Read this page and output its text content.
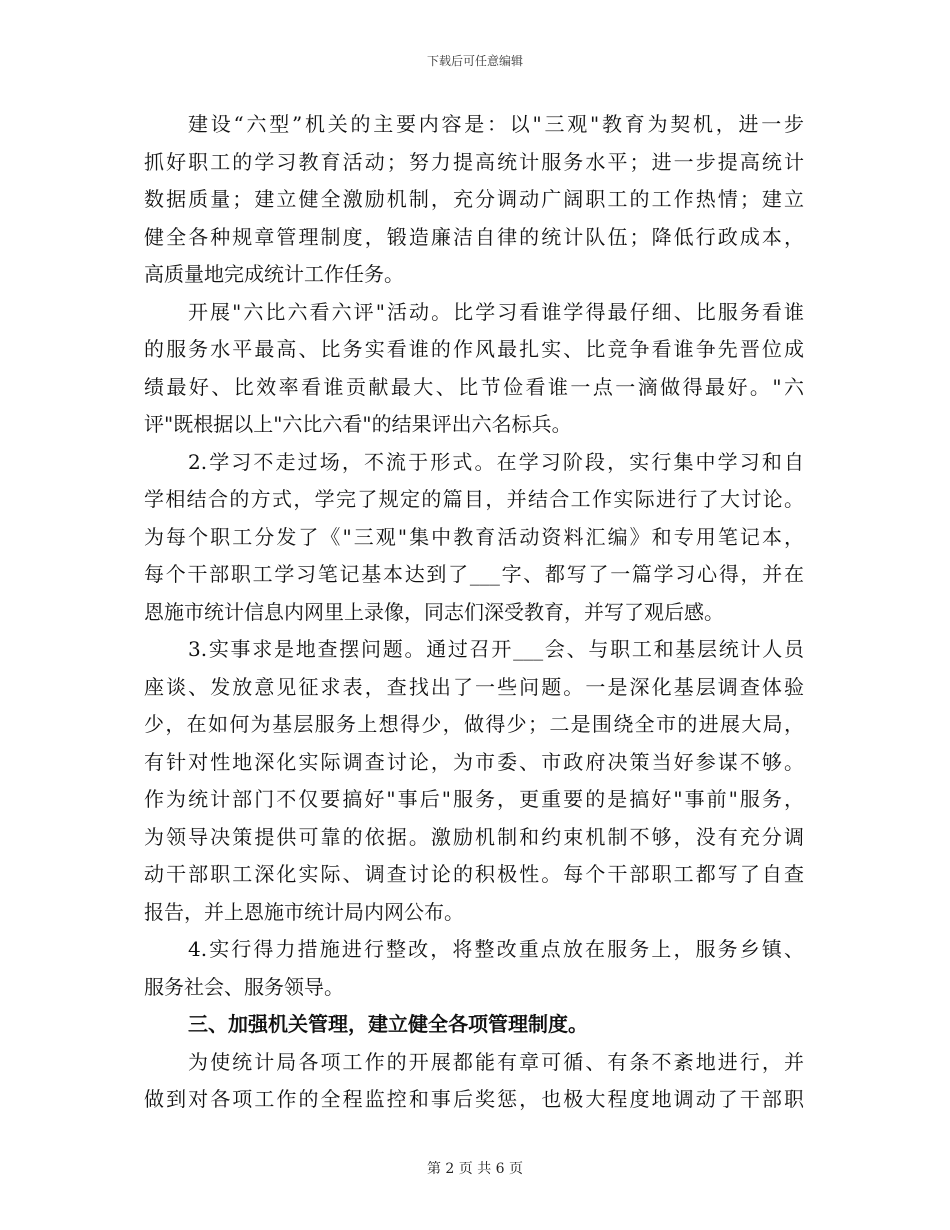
下载后可任意编辑
建设“六型”机关的主要内容是：以"三观"教育为契机，进一步
抓好职工的学习教育活动；努力提高统计服务水平；进一步提高统计
数据质量；建立健全激励机制，充分调动广阔职工的工作热情；建立
健全各种规章管理制度，锻造廉洁自律的统计队伍；降低行政成本，
高质量地完成统计工作任务。
开展"六比六看六评"活动。比学习看谁学得最仔细、比服务看谁
的服务水平最高、比务实看谁的作风最扎实、比竞争看谁争先晋位成
绩最好、比效率看谁贡献最大、比节俭看谁一点一滴做得最好。"六
评"既根据以上"六比六看"的结果评出六名标兵。
2.学习不走过场，不流于形式。在学习阶段，实行集中学习和自
学相结合的方式，学完了规定的篇目，并结合工作实际进行了大讨论。
为每个职工分发了《"三观"集中教育活动资料汇编》和专用笔记本，
每个干部职工学习笔记基本达到了___字、都写了一篇学习心得，并在
恩施市统计信息内网里上录像，同志们深受教育，并写了观后感。
3.实事求是地查摆问题。通过召开___会、与职工和基层统计人员
座谈、发放意见征求表，查找出了一些问题。一是深化基层调查体验
少，在如何为基层服务上想得少，做得少；二是围绕全市的进展大局，
有针对性地深化实际调查讨论，为市委、市政府决策当好参谋不够。
作为统计部门不仅要搞好"事后"服务，更重要的是搞好"事前"服务，
为领导决策提供可靠的依据。激励机制和约束机制不够，没有充分调
动干部职工深化实际、调查讨论的积极性。每个干部职工都写了自查
报告，并上恩施市统计局内网公布。
4.实行得力措施进行整改，将整改重点放在服务上，服务乡镇、
服务社会、服务领导。
三、加强机关管理，建立健全各项管理制度。
为使统计局各项工作的开展都能有章可循、有条不紊地进行，并
做到对各项工作的全程监控和事后奖惩，也极大程度地调动了干部职
第 2 页 共 6 页
